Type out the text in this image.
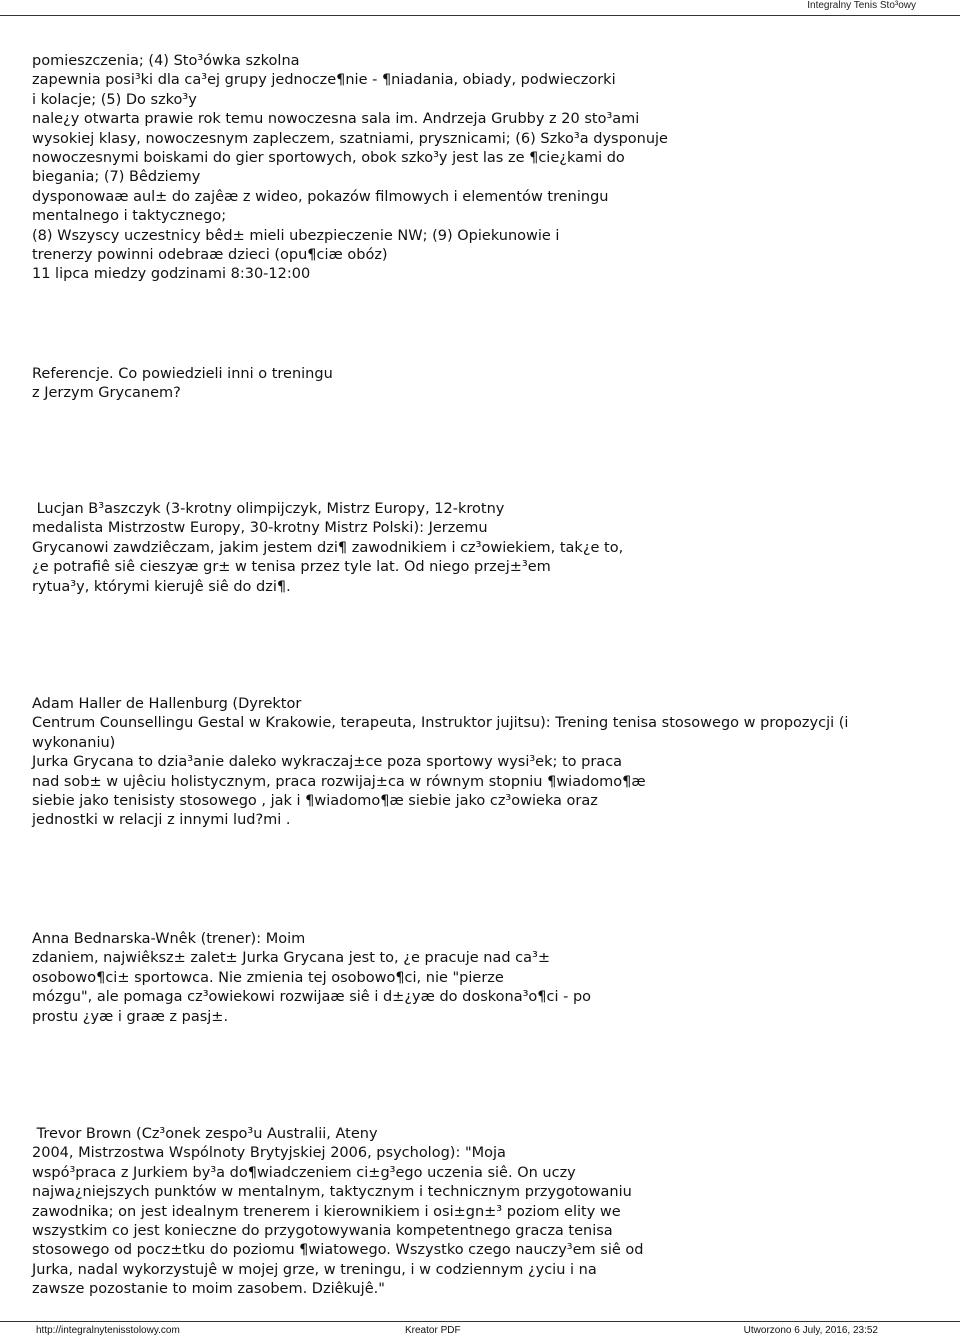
Integralny Tenis Sto³owy
pomieszczenia; (4) Sto³ówka szkolna
zapewnia posi³ki dla ca³ej grupy jednocze¶nie - ¶niadania, obiady, podwieczorki
i kolacje; (5) Do szko³y
nale¿y otwarta prawie rok temu nowoczesna sala im. Andrzeja Grubby z 20 sto³ami
wysokiej klasy, nowoczesnym zapleczem, szatniami, prysznicami; (6) Szko³a dysponuje
nowoczesnymi boiskami do gier sportowych, obok szko³y jest las ze ¶cie¿kami do
biegania; (7) Bêdziemy
dysponowaæ aul± do zajêæ z wideo, pokazów filmowych i elementów treningu
mentalnego i taktycznego;
(8) Wszyscy uczestnicy bêd± mieli ubezpieczenie NW; (9) Opiekunowie i
trenerzy powinni odebraæ dzieci (opu¶ciæ obóz)
11 lipca miedzy godzinami 8:30-12:00
Referencje. Co powiedzieli inni o treningu
z Jerzym Grycanem?
Lucjan B³aszczyk (3-krotny olimpijczyk, Mistrz Europy, 12-krotny
medalista Mistrzostw Europy, 30-krotny Mistrz Polski): Jerzemu
Grycanowi zawdziêczam, jakim jestem dzi¶ zawodnikiem i cz³owiekiem, tak¿e to,
¿e potrafiê siê cieszyæ gr± w tenisa przez tyle lat. Od niego przej±³em
rytua³y, którymi kierujê siê do dzi¶.
Adam Haller de Hallenburg (Dyrektor
Centrum Counsellingu Gestal w Krakowie, terapeuta, Instruktor jujitsu): Trening tenisa stosowego w propozycji (i
wykonaniu)
Jurka Grycana to dzia³anie daleko wykraczaj±ce poza sportowy wysi³ek; to praca
nad sob± w ujêciu holistycznym, praca rozwijaj±ca w równym stopniu ¶wiadomo¶æ
siebie jako tenisisty stosowego , jak i ¶wiadomo¶æ siebie jako cz³owieka oraz
jednostki w relacji z innymi lud?mi .
Anna Bednarska-Wnêk (trener): Moim
zdaniem, najwiêksz± zalet± Jurka Grycana jest to, ¿e pracuje nad ca³±
osobowo¶ci± sportowca. Nie zmienia tej osobowo¶ci, nie "pierze
mózgu", ale pomaga cz³owiekowi rozwijaæ siê i d±¿yæ do doskona³o¶ci - po
prostu ¿yæ i graæ z pasj±.
Trevor Brown (Cz³onek zespo³u Australii, Ateny
2004, Mistrzostwa Wspólnoty Brytyjskiej 2006, psycholog): "Moja
wspó³praca z Jurkiem by³a do¶wiadczeniem ci±g³ego uczenia siê. On uczy
najwa¿niejszych punktów w mentalnym, taktycznym i technicznym przygotowaniu
zawodnika; on jest idealnym trenerem i kierownikiem i osi±gn±³ poziom elity we
wszystkim co jest konieczne do przygotowywania kompetentnego gracza tenisa
stosowego od pocz±tku do poziomu ¶wiatowego. Wszystko czego nauczy³em siê od
Jurka, nadal wykorzystujê w mojej grze, w treningu, i w codziennym ¿yciu i na
zawsze pozostanie to moim zasobem. Dziêkujê."
http://integralnytenisstolowy.com	Kreator PDF	Utworzono 6 July, 2016, 23:52
